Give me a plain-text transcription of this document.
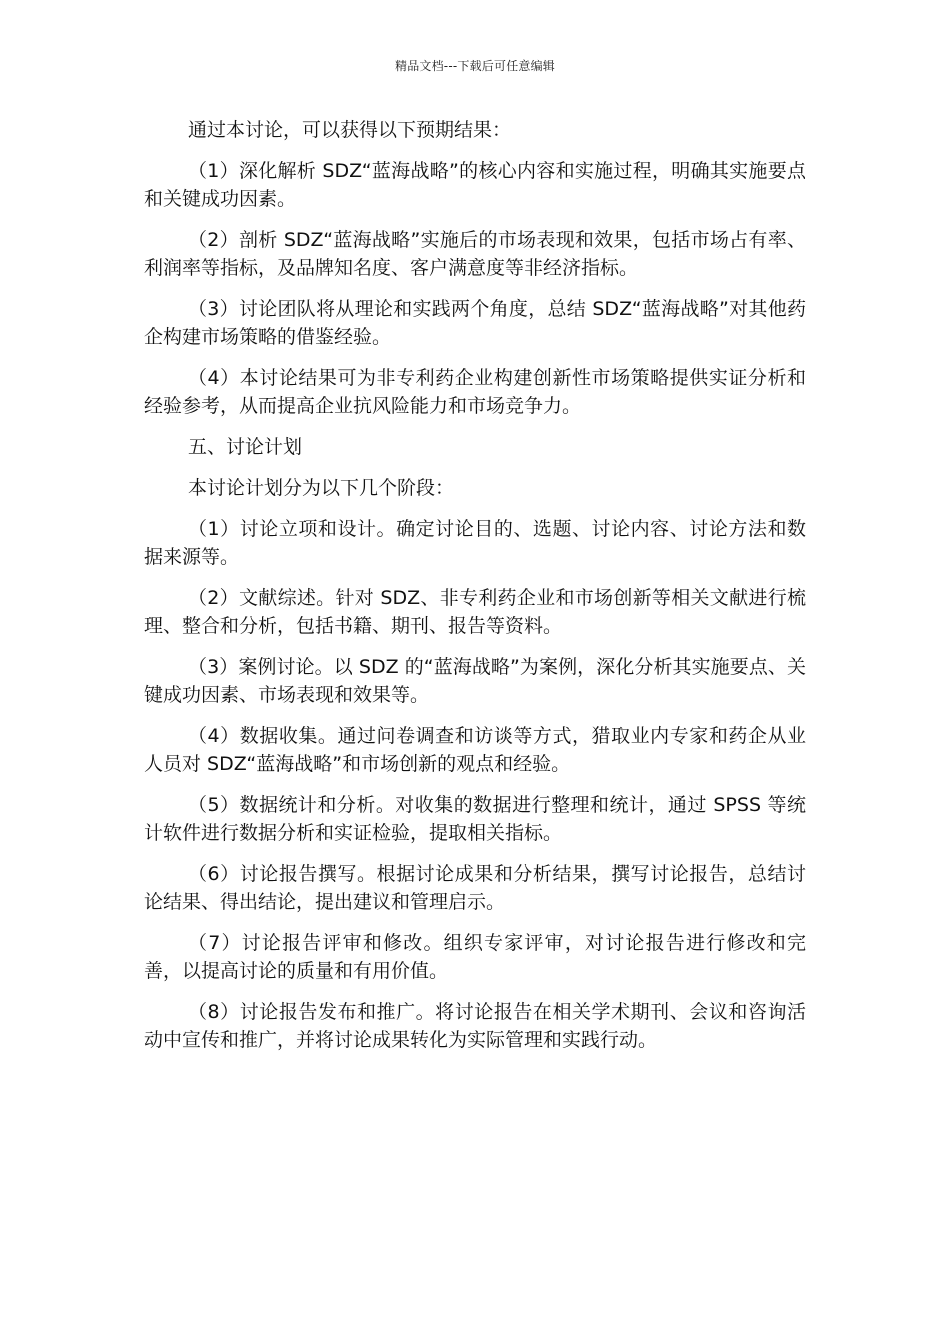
精品文档---下载后可任意编辑

通过本讨论，可以获得以下预期结果：

（1）深化解析 SDZ“蓝海战略”的核心内容和实施过程，明确其实施要点和关键成功因素。

（2）剖析 SDZ“蓝海战略”实施后的市场表现和效果，包括市场占有率、利润率等指标，及品牌知名度、客户满意度等非经济指标。

（3）讨论团队将从理论和实践两个角度，总结 SDZ“蓝海战略”对其他药企构建市场策略的借鉴经验。

（4）本讨论结果可为非专利药企业构建创新性市场策略提供实证分析和经验参考，从而提高企业抗风险能力和市场竞争力。

五、讨论计划

本讨论计划分为以下几个阶段：

（1）讨论立项和设计。确定讨论目的、选题、讨论内容、讨论方法和数据来源等。

（2）文献综述。针对 SDZ、非专利药企业和市场创新等相关文献进行梳理、整合和分析，包括书籍、期刊、报告等资料。

（3）案例讨论。以 SDZ 的“蓝海战略”为案例，深化分析其实施要点、关键成功因素、市场表现和效果等。

（4）数据收集。通过问卷调查和访谈等方式，猎取业内专家和药企从业人员对 SDZ“蓝海战略”和市场创新的观点和经验。

（5）数据统计和分析。对收集的数据进行整理和统计，通过 SPSS 等统计软件进行数据分析和实证检验，提取相关指标。

（6）讨论报告撰写。根据讨论成果和分析结果，撰写讨论报告，总结讨论结果、得出结论，提出建议和管理启示。

（7）讨论报告评审和修改。组织专家评审，对讨论报告进行修改和完善，以提高讨论的质量和有用价值。

（8）讨论报告发布和推广。将讨论报告在相关学术期刊、会议和咨询活动中宣传和推广，并将讨论成果转化为实际管理和实践行动。
